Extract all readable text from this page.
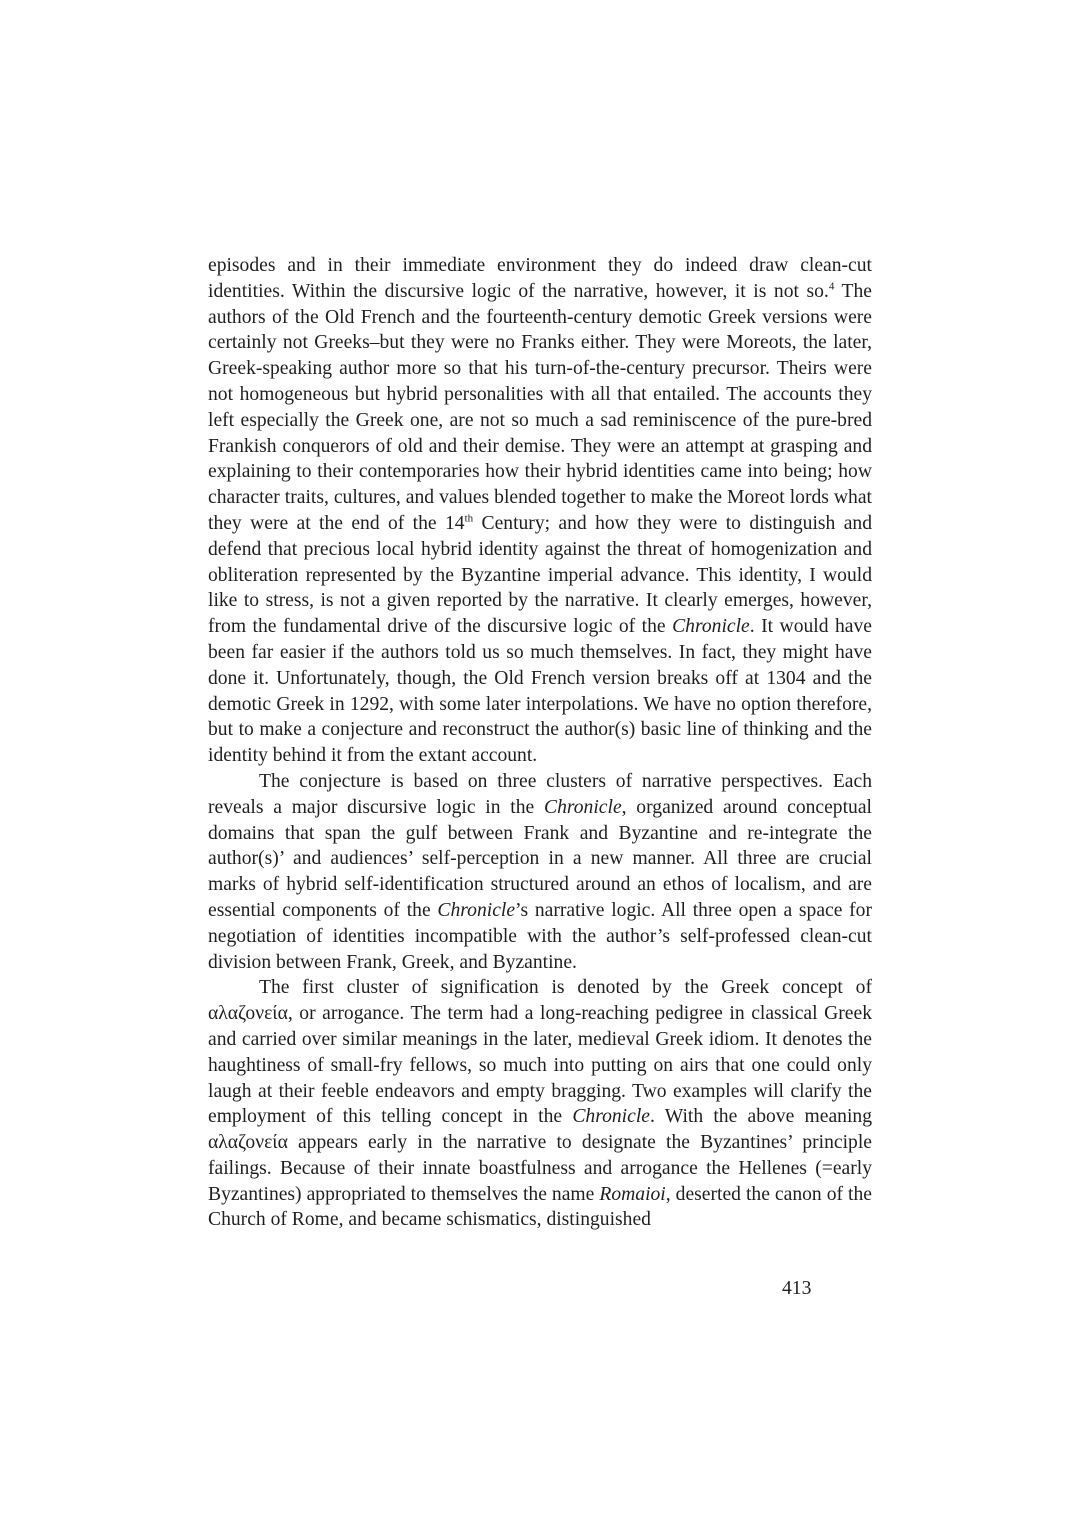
episodes and in their immediate environment they do indeed draw clean-cut identities. Within the discursive logic of the narrative, however, it is not so.$^4$ The authors of the Old French and the fourteenth-century demotic Greek versions were certainly not Greeks–but they were no Franks either. They were Moreots, the later, Greek-speaking author more so that his turn-of-the-century precursor. Theirs were not homogeneous but hybrid personalities with all that entailed. The accounts they left especially the Greek one, are not so much a sad reminiscence of the pure-bred Frankish conquerors of old and their demise. They were an attempt at grasping and explaining to their contemporaries how their hybrid identities came into being; how character traits, cultures, and values blended together to make the Moreot lords what they were at the end of the 14th Century; and how they were to distinguish and defend that precious local hybrid identity against the threat of homogenization and obliteration represented by the Byzantine imperial advance. This identity, I would like to stress, is not a given reported by the narrative. It clearly emerges, however, from the fundamental drive of the discursive logic of the Chronicle. It would have been far easier if the authors told us so much themselves. In fact, they might have done it. Unfortunately, though, the Old French version breaks off at 1304 and the demotic Greek in 1292, with some later interpolations. We have no option therefore, but to make a conjecture and reconstruct the author(s) basic line of thinking and the identity behind it from the extant account.

The conjecture is based on three clusters of narrative perspectives. Each reveals a major discursive logic in the Chronicle, organized around conceptual domains that span the gulf between Frank and Byzantine and re-integrate the author(s)’ and audiences’ self-perception in a new manner. All three are crucial marks of hybrid self-identification structured around an ethos of localism, and are essential components of the Chronicle’s narrative logic. All three open a space for negotiation of identities incompatible with the author’s self-professed clean-cut division between Frank, Greek, and Byzantine.

The first cluster of signification is denoted by the Greek concept of αλαζονεία, or arrogance. The term had a long-reaching pedigree in classical Greek and carried over similar meanings in the later, medieval Greek idiom. It denotes the haughtiness of small-fry fellows, so much into putting on airs that one could only laugh at their feeble endeavors and empty bragging. Two examples will clarify the employment of this telling concept in the Chronicle. With the above meaning αλαζονεία appears early in the narrative to designate the Byzantines’ principle failings. Because of their innate boastfulness and arrogance the Hellenes (=early Byzantines) appropriated to themselves the name Romaioi, deserted the canon of the Church of Rome, and became schismatics, distinguished

413
